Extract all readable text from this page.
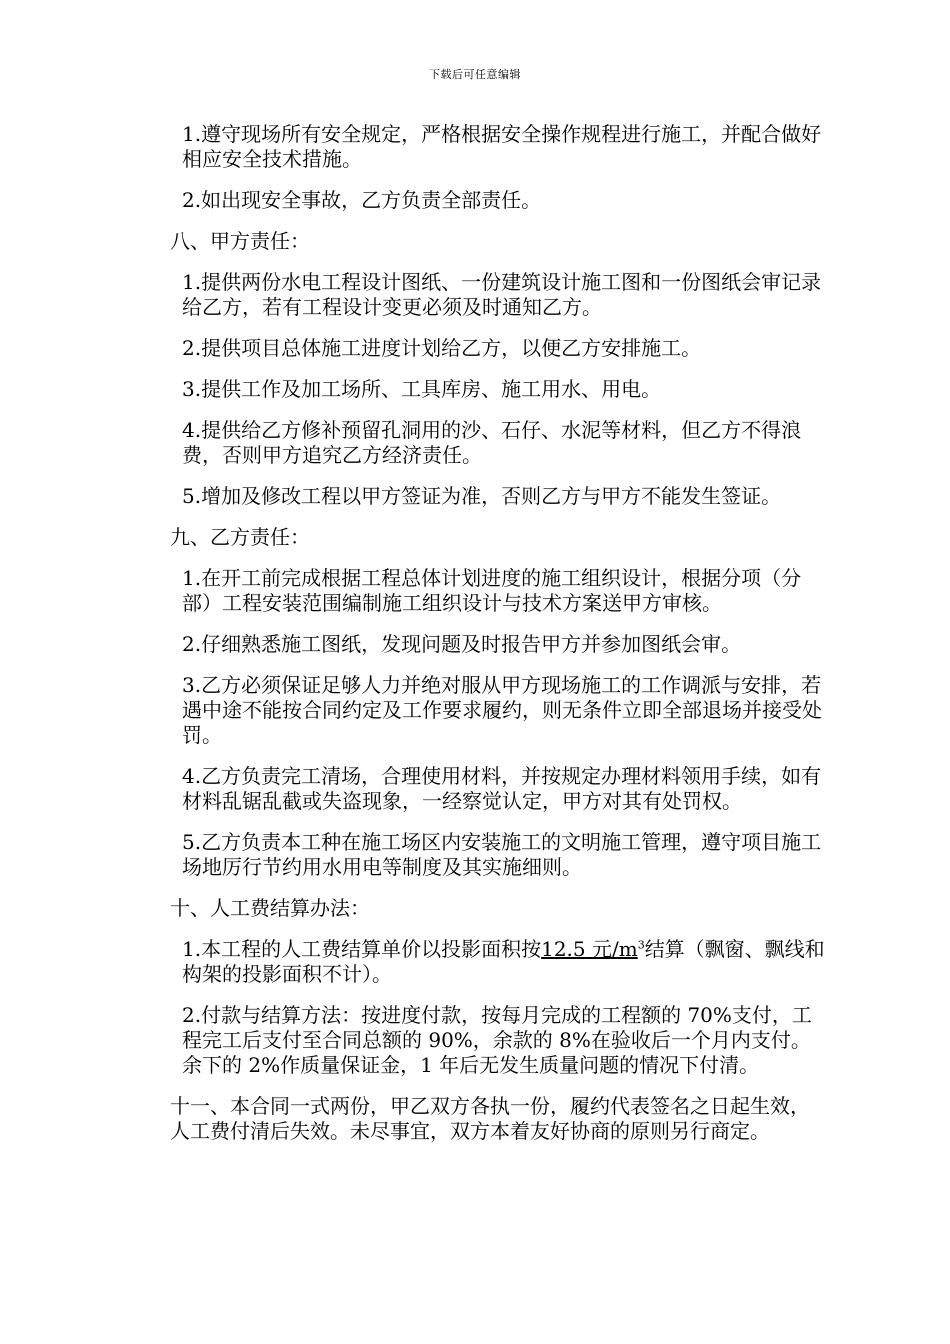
下载后可任意编辑

1.遵守现场所有安全规定，严格根据安全操作规程进行施工，并配合做好相应安全技术措施。

2.如出现安全事故，乙方负责全部责任。

八、甲方责任：

1.提供两份水电工程设计图纸、一份建筑设计施工图和一份图纸会审记录给乙方，若有工程设计变更必须及时通知乙方。

2.提供项目总体施工进度计划给乙方，以便乙方安排施工。

3.提供工作及加工场所、工具库房、施工用水、用电。

4.提供给乙方修补预留孔洞用的沙、石仔、水泥等材料，但乙方不得浪费，否则甲方追究乙方经济责任。

5.增加及修改工程以甲方签证为准，否则乙方与甲方不能发生签证。

九、乙方责任：

1.在开工前完成根据工程总体计划进度的施工组织设计，根据分项（分部）工程安装范围编制施工组织设计与技术方案送甲方审核。

2.仔细熟悉施工图纸，发现问题及时报告甲方并参加图纸会审。

3.乙方必须保证足够人力并绝对服从甲方现场施工的工作调派与安排，若遇中途不能按合同约定及工作要求履约，则无条件立即全部退场并接受处罚。

4.乙方负责完工清场，合理使用材料，并按规定办理材料领用手续，如有材料乱锯乱截或失盗现象，一经察觉认定，甲方对其有处罚权。

5.乙方负责本工种在施工场区内安装施工的文明施工管理，遵守项目施工场地厉行节约用水用电等制度及其实施细则。

十、人工费结算办法：

1.本工程的人工费结算单价以投影面积按12.5 元$/m^3$结算（飘窗、飘线和构架的投影面积不计）。

2.付款与结算方法：按进度付款，按每月完成的工程额的 70%支付，工程完工后支付至合同总额的 90%，余款的 8%在验收后一个月内支付。余下的 2%作质量保证金，1 年后无发生质量问题的情况下付清。

十一、本合同一式两份，甲乙双方各执一份，履约代表签名之日起生效，人工费付清后失效。未尽事宜，双方本着友好协商的原则另行商定。
